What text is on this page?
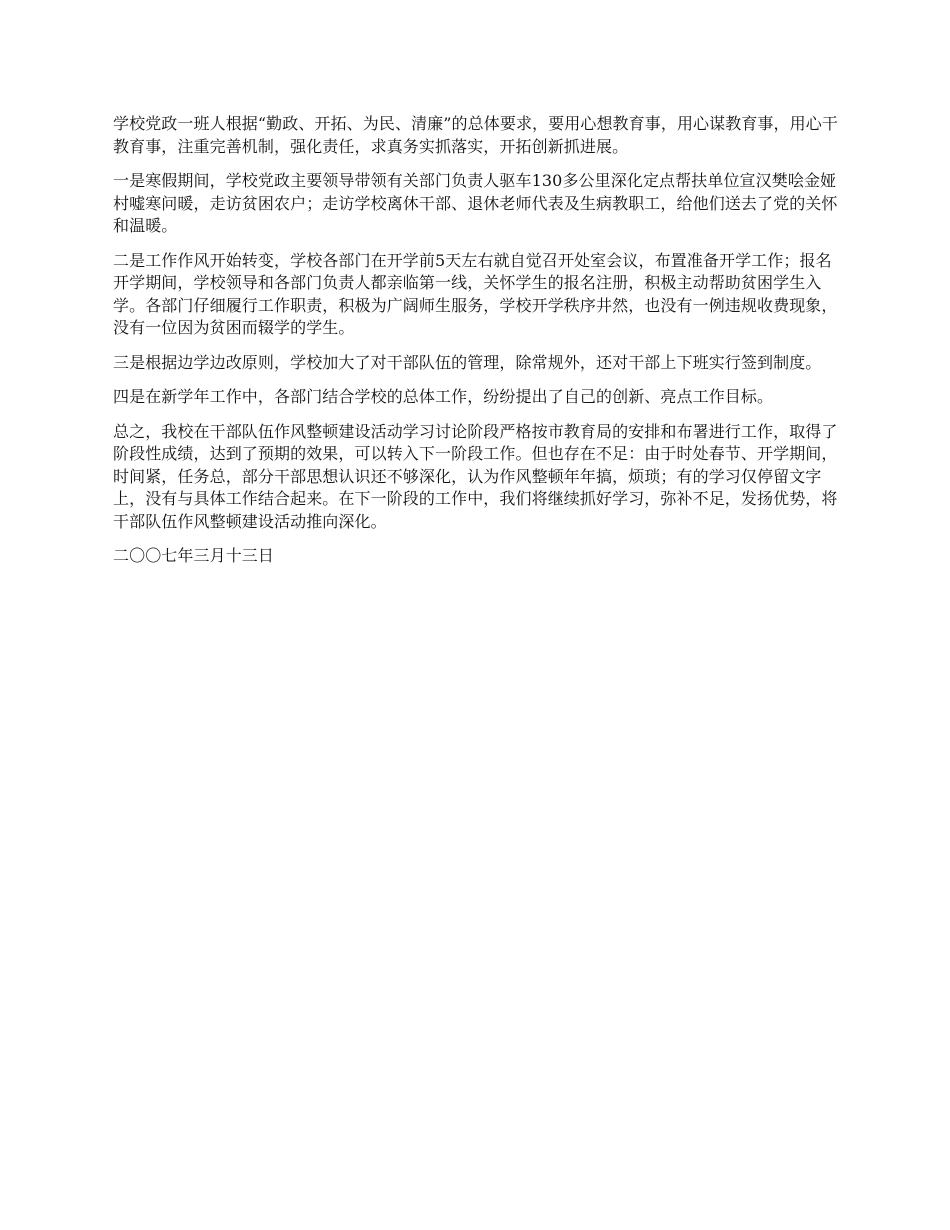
学校党政一班人根据“勤政、开拓、为民、清廉”的总体要求，要用心想教育事，用心谋教育事，用心干教育事，注重完善机制，强化责任，求真务实抓落实，开拓创新抓进展。

一是寒假期间，学校党政主要领导带领有关部门负责人驱车130多公里深化定点帮扶单位宣汉樊哙金娅村嘘寒问暖，走访贫困农户；走访学校离休干部、退休老师代表及生病教职工，给他们送去了党的关怀和温暖。

二是工作作风开始转变，学校各部门在开学前5天左右就自觉召开处室会议，布置准备开学工作；报名开学期间，学校领导和各部门负责人都亲临第一线，关怀学生的报名注册，积极主动帮助贫困学生入学。各部门仔细履行工作职责，积极为广阔师生服务，学校开学秩序井然，也没有一例违规收费现象，没有一位因为贫困而辍学的学生。

三是根据边学边改原则，学校加大了对干部队伍的管理，除常规外，还对干部上下班实行签到制度。

四是在新学年工作中，各部门结合学校的总体工作，纷纷提出了自己的创新、亮点工作目标。

总之，我校在干部队伍作风整顿建设活动学习讨论阶段严格按市教育局的安排和布署进行工作，取得了阶段性成绩，达到了预期的效果，可以转入下一阶段工作。但也存在不足：由于时处春节、开学期间，时间紧，任务总，部分干部思想认识还不够深化，认为作风整顿年年搞，烦琐；有的学习仅停留文字上，没有与具体工作结合起来。在下一阶段的工作中，我们将继续抓好学习，弥补不足，发扬优势，将干部队伍作风整顿建设活动推向深化。

二〇〇七年三月十三日
